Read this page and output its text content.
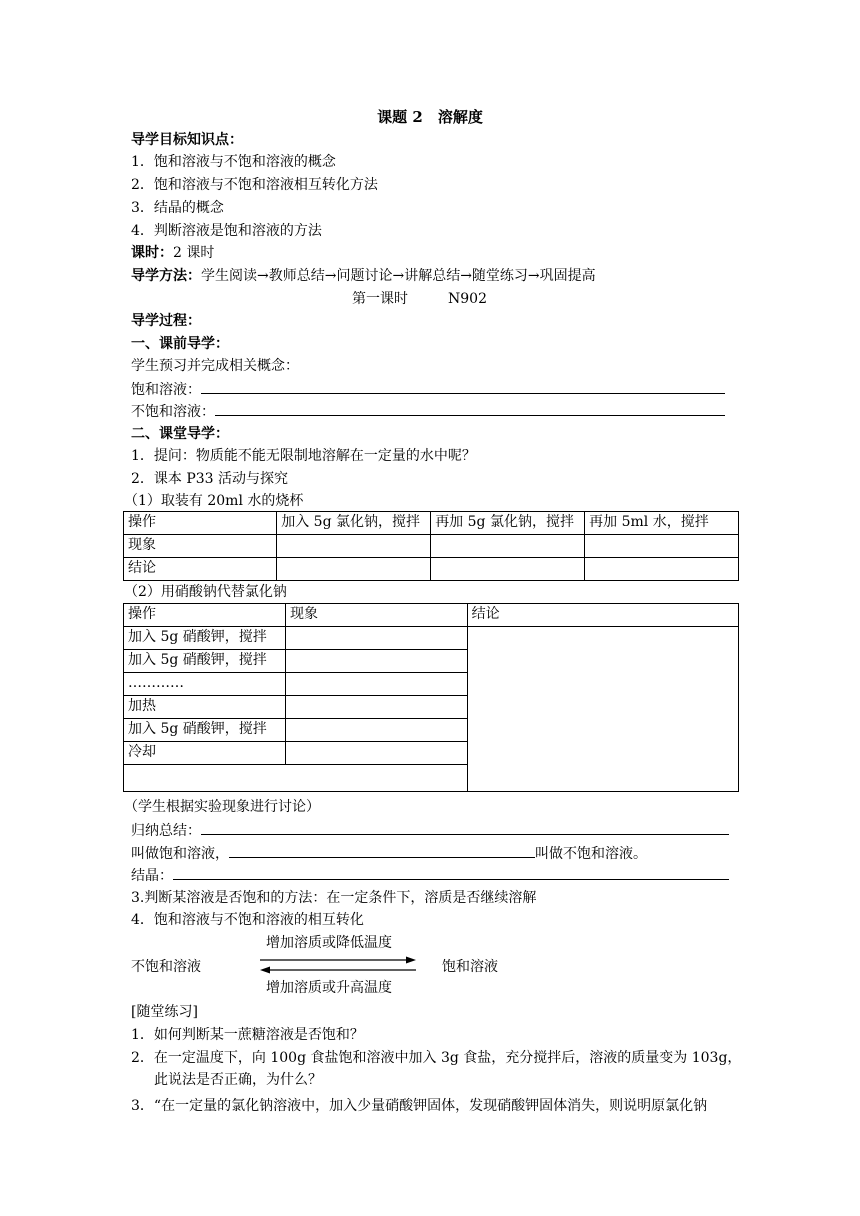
课题 2　溶解度
导学目标知识点：
1．饱和溶液与不饱和溶液的概念
2．饱和溶液与不饱和溶液相互转化方法
3．结晶的概念
4．判断溶液是饱和溶液的方法
课时：2 课时
导学方法：学生阅读→教师总结→问题讨论→讲解总结→随堂练习→巩固提高
第一课时	N902
导学过程：
一、课前导学：
学生预习并完成相关概念：
饱和溶液：
不饱和溶液：
二、课堂导学：
1．提问：物质能不能无限制地溶解在一定量的水中呢？
2．课本 P33 活动与探究
（1）取装有 20ml 水的烧杯
操作	加入 5g 氯化钠，搅拌	再加 5g 氯化钠，搅拌	再加 5ml 水，搅拌
现象			
结论			
（2）用硝酸钠代替氯化钠
操作	现象	结论
加入 5g 硝酸钾，搅拌		
加入 5g 硝酸钾，搅拌		
…………		
加热		
加入 5g 硝酸钾，搅拌		
冷却		

（学生根据实验现象进行讨论）
归纳总结：
叫做饱和溶液，	叫做不饱和溶液。
结晶：
3.判断某溶液是否饱和的方法：在一定条件下，溶质是否继续溶解
4．饱和溶液与不饱和溶液的相互转化
增加溶质或降低温度
不饱和溶液	饱和溶液
增加溶质或升高温度
[随堂练习]
1．如何判断某一蔗糖溶液是否饱和？
2．在一定温度下，向 100g 食盐饱和溶液中加入 3g 食盐，充分搅拌后，溶液的质量变为 103g，
此说法是否正确，为什么？
3．“在一定量的氯化钠溶液中，加入少量硝酸钾固体，发现硝酸钾固体消失，则说明原氯化钠
